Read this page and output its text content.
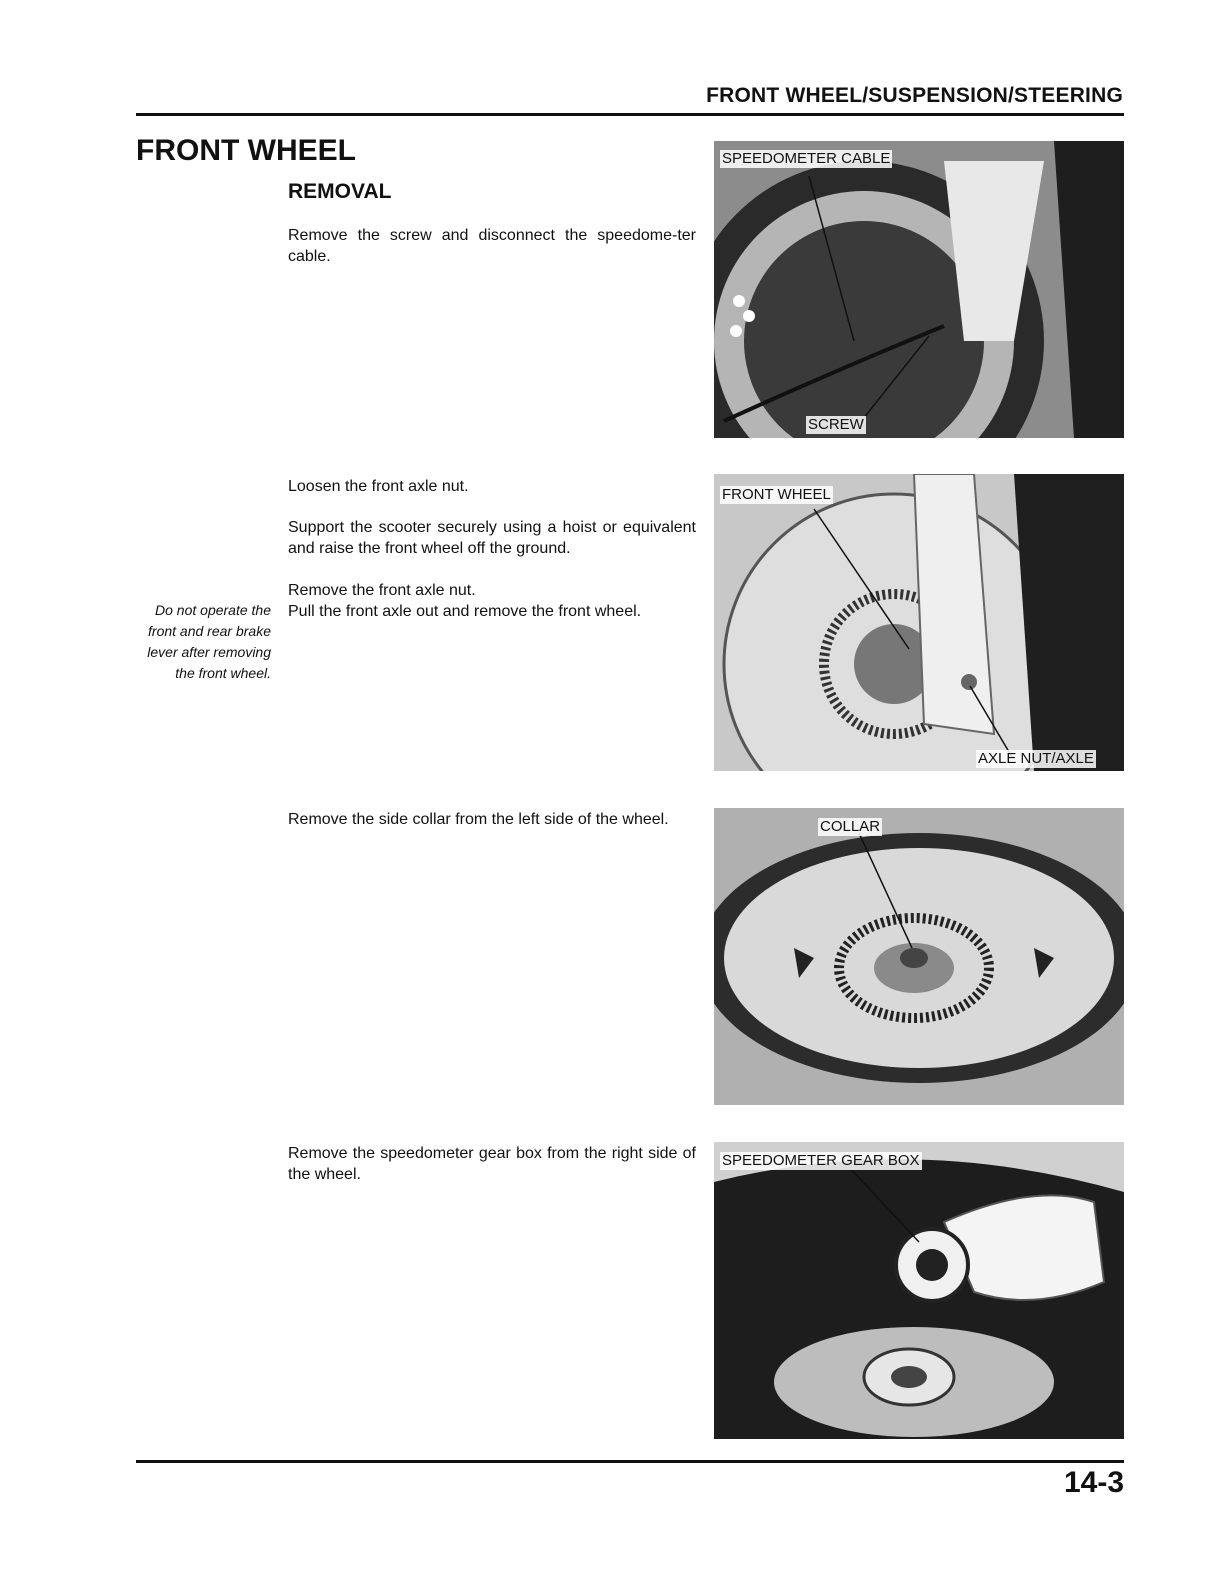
FRONT WHEEL/SUSPENSION/STEERING
FRONT WHEEL
REMOVAL
Remove the screw and disconnect the speedome-ter cable.
Loosen the front axle nut.
Support the scooter securely using a hoist or equivalent and raise the front wheel off the ground.
Remove the front axle nut.
Pull the front axle out and remove the front wheel.
Remove the side collar from the left side of the wheel.
Remove the speedometer gear box from the right side of the wheel.
Do not operate the front and rear brake lever after removing the front wheel.
SPEEDOMETER CABLE
SCREW
FRONT WHEEL
AXLE NUT/AXLE
COLLAR
SPEEDOMETER GEAR BOX
14-3
